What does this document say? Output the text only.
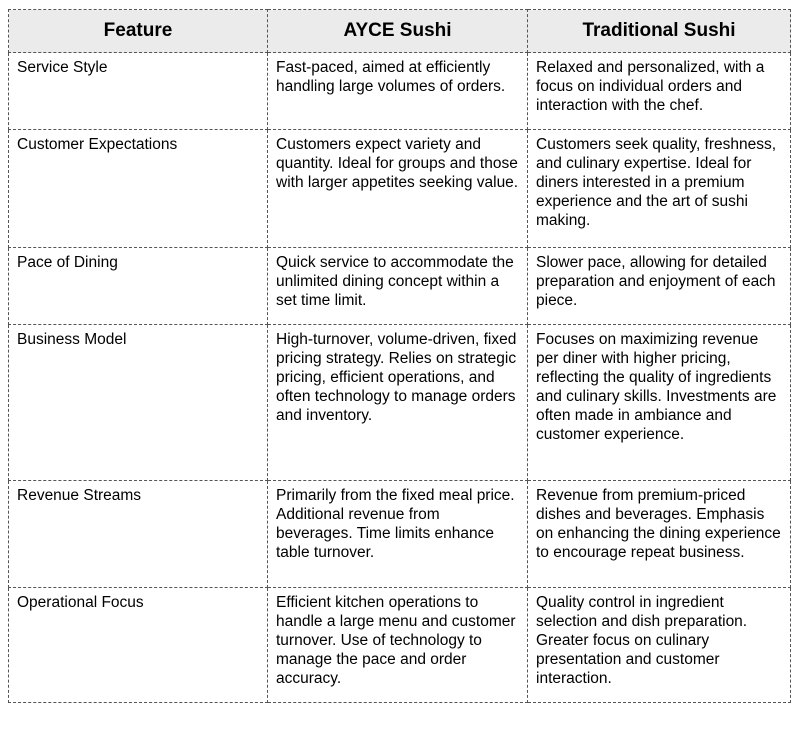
Feature	AYCE Sushi	Traditional Sushi
Service Style	Fast-paced, aimed at efficiently handling large volumes of orders.	Relaxed and personalized, with a focus on individual orders and interaction with the chef.
Customer Expectations	Customers expect variety and quantity. Ideal for groups and those with larger appetites seeking value.	Customers seek quality, freshness, and culinary expertise. Ideal for diners interested in a premium experience and the art of sushi making.
Pace of Dining	Quick service to accommodate the unlimited dining concept within a set time limit.	Slower pace, allowing for detailed preparation and enjoyment of each piece.
Business Model	High-turnover, volume-driven, fixed pricing strategy. Relies on strategic pricing, efficient operations, and often technology to manage orders and inventory.	Focuses on maximizing revenue per diner with higher pricing, reflecting the quality of ingredients and culinary skills. Investments are often made in ambiance and customer experience.
Revenue Streams	Primarily from the fixed meal price. Additional revenue from beverages. Time limits enhance table turnover.	Revenue from premium-priced dishes and beverages. Emphasis on enhancing the dining experience to encourage repeat business.
Operational Focus	Efficient kitchen operations to handle a large menu and customer turnover. Use of technology to manage the pace and order accuracy.	Quality control in ingredient selection and dish preparation. Greater focus on culinary presentation and customer interaction.
